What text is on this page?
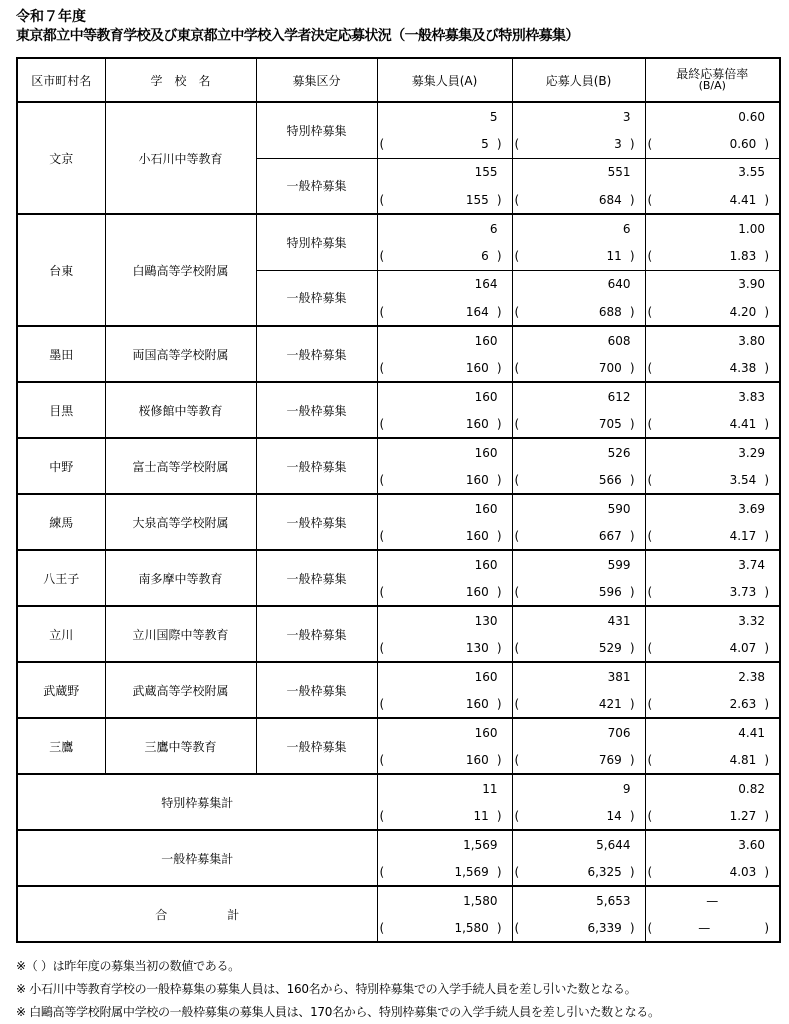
令和７年度
東京都立中等教育学校及び東京都立中学校入学者決定応募状況（一般枠募集及び特別枠募集）
区市町村名	学　校　名	募集区分	募集人員(A)	応募人員(B)	最終応募倍率
(B/A)

文京	小石川中等教育	特別枠募集	5	3	0.60

			( 5 )	( 3 )	( 0.60 )

		一般枠募集	155	551	3.55

			( 155 )	( 684 )	( 4.41 )

台東	白鷗高等学校附属	特別枠募集	6	6	1.00

			( 6 )	( 11 )	( 1.83 )

		一般枠募集	164	640	3.90

			( 164 )	( 688 )	( 4.20 )

墨田	両国高等学校附属	一般枠募集	160	608	3.80

			( 160 )	( 700 )	( 4.38 )

目黒	桜修館中等教育	一般枠募集	160	612	3.83

			( 160 )	( 705 )	( 4.41 )

中野	富士高等学校附属	一般枠募集	160	526	3.29

			( 160 )	( 566 )	( 3.54 )

練馬	大泉高等学校附属	一般枠募集	160	590	3.69

			( 160 )	( 667 )	( 4.17 )

八王子	南多摩中等教育	一般枠募集	160	599	3.74

			( 160 )	( 596 )	( 3.73 )

立川	立川国際中等教育	一般枠募集	130	431	3.32

			( 130 )	( 529 )	( 4.07 )

武蔵野	武蔵高等学校附属	一般枠募集	160	381	2.38

			( 160 )	( 421 )	( 2.63 )

三鷹	三鷹中等教育	一般枠募集	160	706	4.41

			( 160 )	( 769 )	( 4.81 )

特別枠募集計			11	9	0.82

			( 11 )	( 14 )	( 1.27 )

一般枠募集計			1,569	5,644	3.60

			( 1,569 )	( 6,325 )	( 4.03 )

合 計			1,580	5,653	—

			( 1,580 )	( 6,339 )	( — )
※（ ）は昨年度の募集当初の数値である。
※ 小石川中等教育学校の一般枠募集の募集人員は、160名から、特別枠募集での入学手続人員を差し引いた数となる。
※ 白鷗高等学校附属中学校の一般枠募集の募集人員は、170名から、特別枠募集での入学手続人員を差し引いた数となる。
